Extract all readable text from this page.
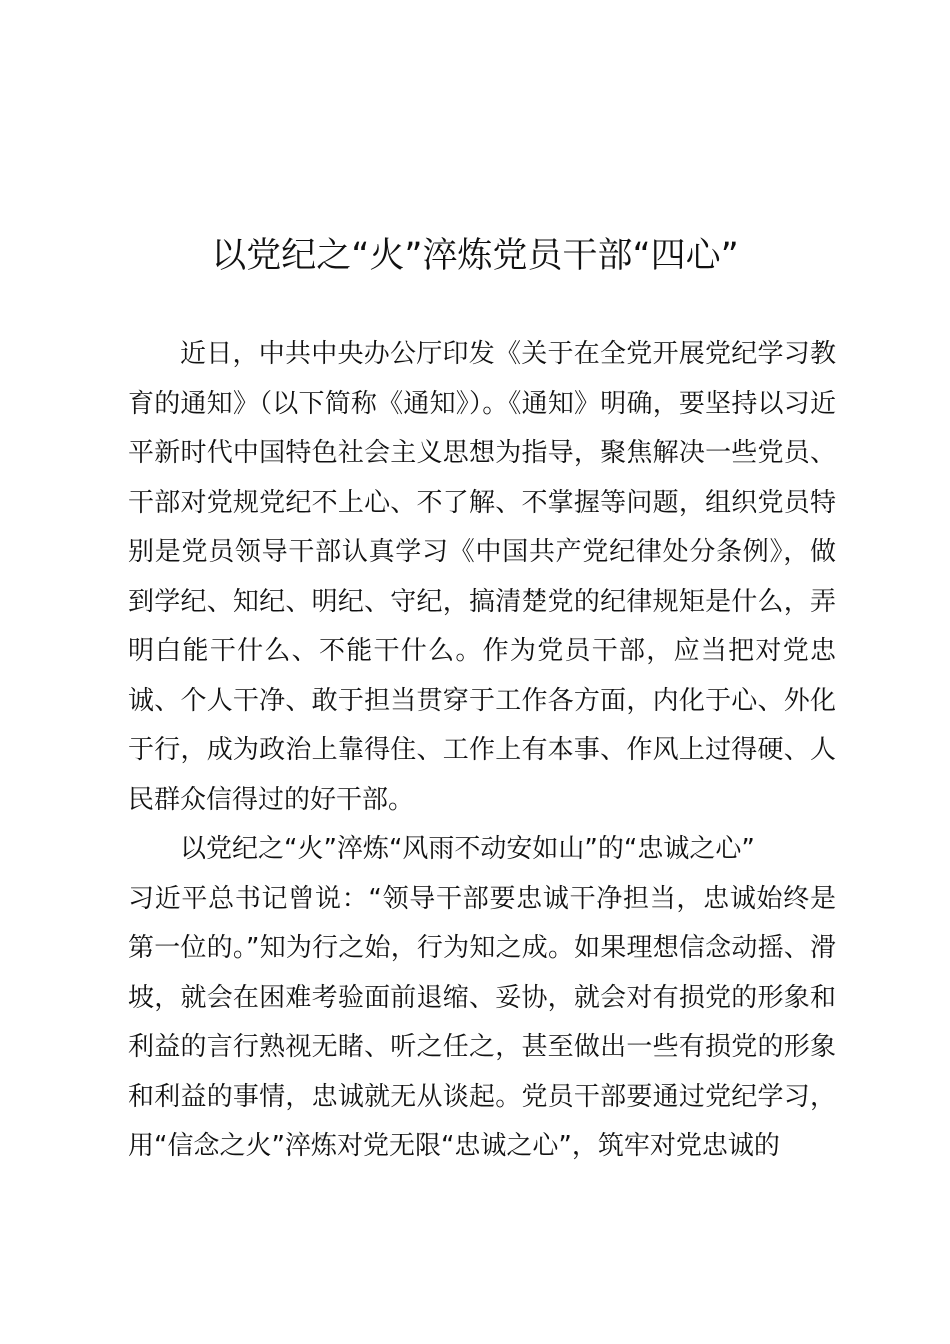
以党纪之“火”淬炼党员干部“四心”

近日，中共中央办公厅印发《关于在全党开展党纪学习教育的通知》（以下简称《通知》）。《通知》明确，要坚持以习近平新时代中国特色社会主义思想为指导，聚焦解决一些党员、干部对党规党纪不上心、不了解、不掌握等问题，组织党员特别是党员领导干部认真学习《中国共产党纪律处分条例》，做到学纪、知纪、明纪、守纪，搞清楚党的纪律规矩是什么，弄明白能干什么、不能干什么。作为党员干部，应当把对党忠诚、个人干净、敢于担当贯穿于工作各方面，内化于心、外化于行，成为政治上靠得住、工作上有本事、作风上过得硬、人民群众信得过的好干部。

以党纪之“火”淬炼“风雨不动安如山”的“忠诚之心”

习近平总书记曾说：“领导干部要忠诚干净担当，忠诚始终是第一位的。”知为行之始，行为知之成。如果理想信念动摇、滑坡，就会在困难考验面前退缩、妥协，就会对有损党的形象和利益的言行熟视无睹、听之任之，甚至做出一些有损党的形象和利益的事情，忠诚就无从谈起。党员干部要通过党纪学习，用“信念之火”淬炼对党无限“忠诚之心”，筑牢对党忠诚的
